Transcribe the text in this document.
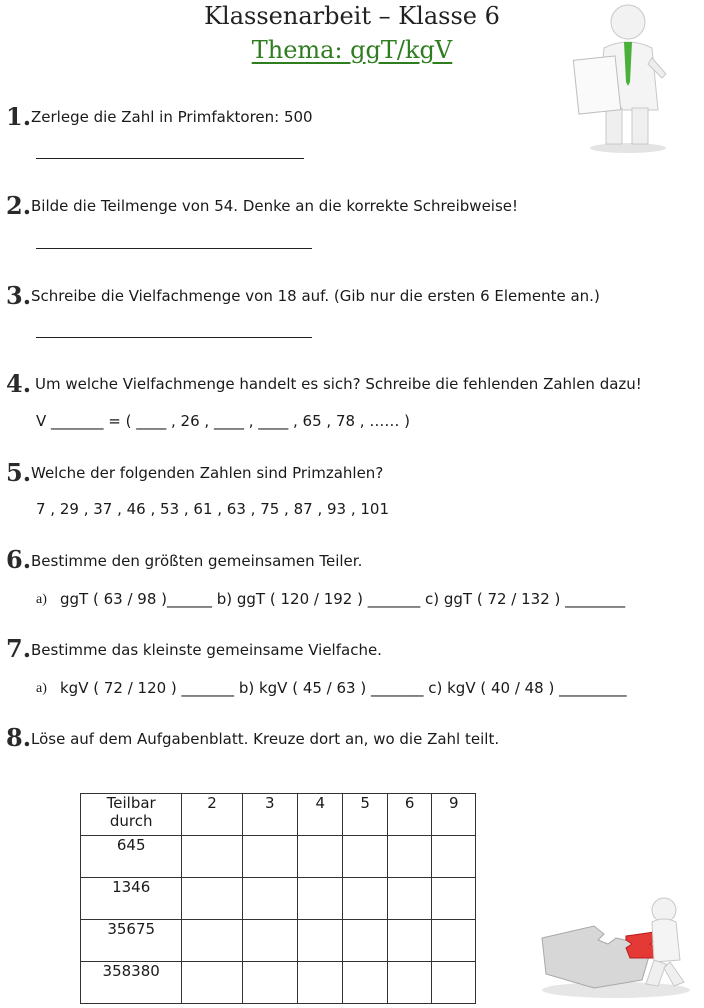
Klassenarbeit – Klasse 6
Thema: ggT/kgV
1. Zerlege die Zahl in Primfaktoren: 500
2. Bilde die Teilmenge von 54. Denke an die korrekte Schreibweise!
3. Schreibe die Vielfachmenge von 18 auf. (Gib nur die ersten 6 Elemente an.)
4. Um welche Vielfachmenge handelt es sich? Schreibe die fehlenden Zahlen dazu!
V _______ = ( ____ , 26 , ____ , ____ , 65 , 78 , …… )
5. Welche der folgenden Zahlen sind Primzahlen?
7 , 29 , 37 , 46 , 53 , 61 , 63 , 75 , 87 , 93 , 101
6. Bestimme den größten gemeinsamen Teiler.
a) ggT ( 63 / 98 )______ b) ggT ( 120 / 192 ) _______ c) ggT ( 72 / 132 ) ________
7. Bestimme das kleinste gemeinsame Vielfache.
a) kgV ( 72 / 120 ) _______ b) kgV ( 45 / 63 ) _______ c) kgV ( 40 / 48 ) _________
8. Löse auf dem Aufgabenblatt. Kreuze dort an, wo die Zahl teilt.
Teilbar
durch	2	3	4	5	6	9
645						
1346						
35675						
358380						
